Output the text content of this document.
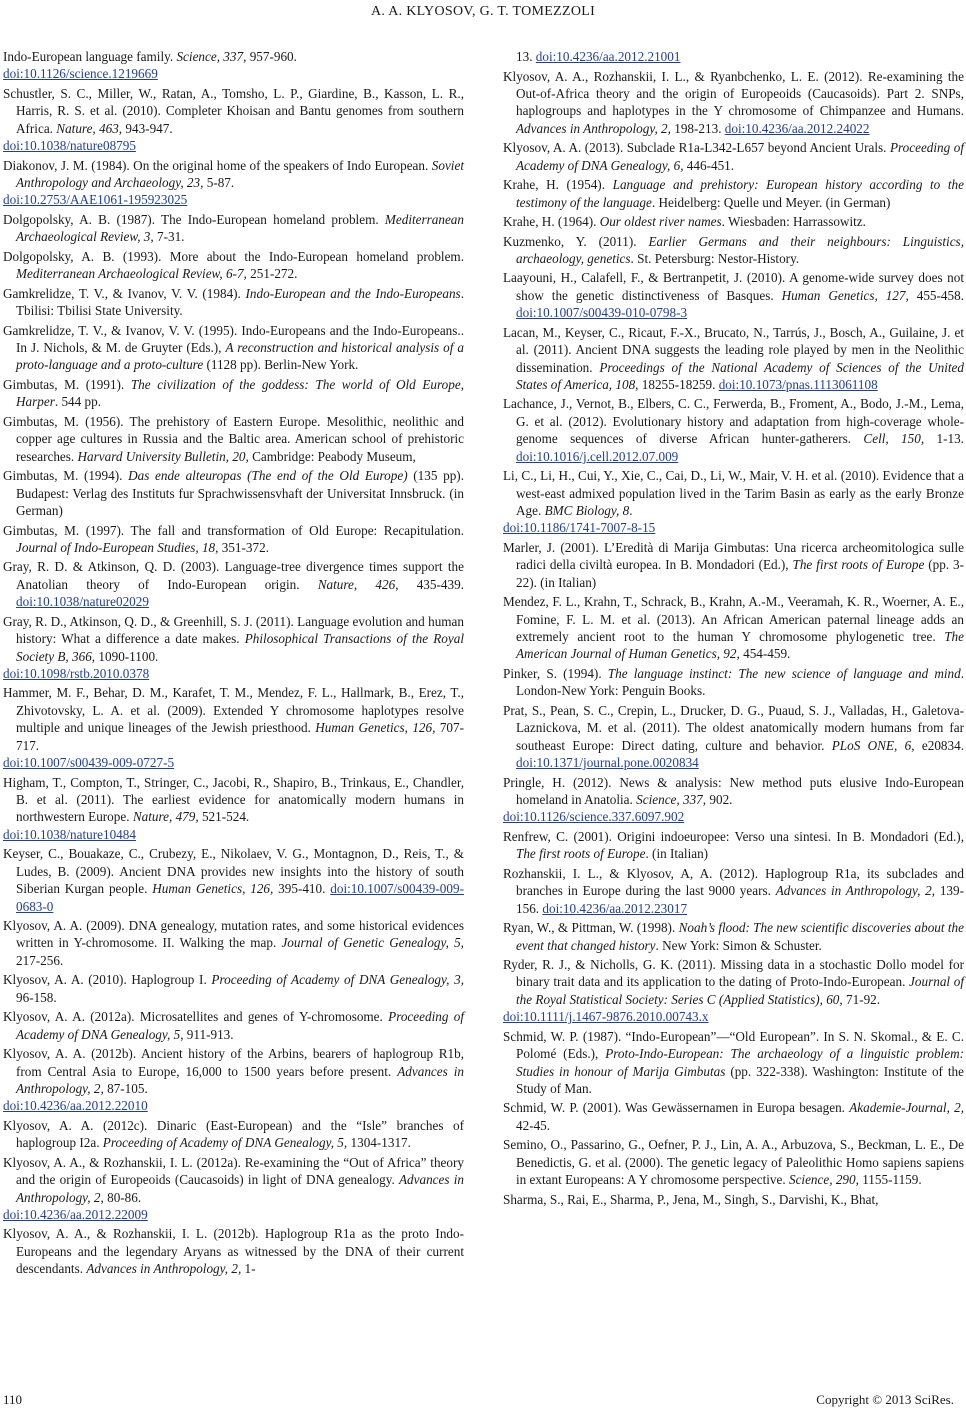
A. A. KLYOSOV, G. T. TOMEZZOLI
Indo-European language family. Science, 337, 957-960.
doi:10.1126/science.1219669
Schustler, S. C., Miller, W., Ratan, A., Tomsho, L. P., Giardine, B., Kasson, L. R., Harris, R. S. et al. (2010). Completer Khoisan and Bantu genomes from southern Africa. Nature, 463, 943-947.
doi:10.1038/nature08795
Diakonov, J. M. (1984). On the original home of the speakers of Indo European. Soviet Anthropology and Archaeology, 23, 5-87.
doi:10.2753/AAE1061-195923025
Dolgopolsky, A. B. (1987). The Indo-European homeland problem. Mediterranean Archaeological Review, 3, 7-31.
Dolgopolsky, A. B. (1993). More about the Indo-European homeland problem. Mediterranean Archaeological Review, 6-7, 251-272.
Gamkrelidze, T. V., & Ivanov, V. V. (1984). Indo-European and the Indo-Europeans. Tbilisi: Tbilisi State University.
Gamkrelidze, T. V., & Ivanov, V. V. (1995). Indo-Europeans and the Indo-Europeans.. In J. Nichols, & M. de Gruyter (Eds.), A reconstruction and historical analysis of a proto-language and a proto-culture (1128 pp). Berlin-New York.
Gimbutas, M. (1991). The civilization of the goddess: The world of Old Europe, Harper. 544 pp.
Gimbutas, M. (1956). The prehistory of Eastern Europe. Mesolithic, neolithic and copper age cultures in Russia and the Baltic area. American school of prehistoric researches. Harvard University Bulletin, 20, Cambridge: Peabody Museum,
Gimbutas, M. (1994). Das ende alteuropas (The end of the Old Europe) (135 pp). Budapest: Verlag des Instituts fur Sprachwissensvhaft der Universitat Innsbruck. (in German)
Gimbutas, M. (1997). The fall and transformation of Old Europe: Recapitulation. Journal of Indo-European Studies, 18, 351-372.
Gray, R. D. & Atkinson, Q. D. (2003). Language-tree divergence times support the Anatolian theory of Indo-European origin. Nature, 426, 435-439. doi:10.1038/nature02029
Gray, R. D., Atkinson, Q. D., & Greenhill, S. J. (2011). Language evolution and human history: What a difference a date makes. Philosophical Transactions of the Royal Society B, 366, 1090-1100.
doi:10.1098/rstb.2010.0378
Hammer, M. F., Behar, D. M., Karafet, T. M., Mendez, F. L., Hallmark, B., Erez, T., Zhivotovsky, L. A. et al. (2009). Extended Y chromosome haplotypes resolve multiple and unique lineages of the Jewish priesthood. Human Genetics, 126, 707-717.
doi:10.1007/s00439-009-0727-5
Higham, T., Compton, T., Stringer, C., Jacobi, R., Shapiro, B., Trinkaus, E., Chandler, B. et al. (2011). The earliest evidence for anatomically modern humans in northwestern Europe. Nature, 479, 521-524.
doi:10.1038/nature10484
Keyser, C., Bouakaze, C., Crubezy, E., Nikolaev, V. G., Montagnon, D., Reis, T., & Ludes, B. (2009). Ancient DNA provides new insights into the history of south Siberian Kurgan people. Human Genetics, 126, 395-410. doi:10.1007/s00439-009-0683-0
Klyosov, A. A. (2009). DNA genealogy, mutation rates, and some historical evidences written in Y-chromosome. II. Walking the map. Journal of Genetic Genealogy, 5, 217-256.
Klyosov, A. A. (2010). Haplogroup I. Proceeding of Academy of DNA Genealogy, 3, 96-158.
Klyosov, A. A. (2012a). Microsatellites and genes of Y-chromosome. Proceeding of Academy of DNA Genealogy, 5, 911-913.
Klyosov, A. A. (2012b). Ancient history of the Arbins, bearers of haplogroup R1b, from Central Asia to Europe, 16,000 to 1500 years before present. Advances in Anthropology, 2, 87-105.
doi:10.4236/aa.2012.22010
Klyosov, A. A. (2012c). Dinaric (East-European) and the “Isle” branches of haplogroup I2a. Proceeding of Academy of DNA Genealogy, 5, 1304-1317.
Klyosov, A. A., & Rozhanskii, I. L. (2012a). Re-examining the “Out of Africa” theory and the origin of Europeoids (Caucasoids) in light of DNA genealogy. Advances in Anthropology, 2, 80-86.
doi:10.4236/aa.2012.22009
Klyosov, A. A., & Rozhanskii, I. L. (2012b). Haplogroup R1a as the proto Indo-Europeans and the legendary Aryans as witnessed by the DNA of their current descendants. Advances in Anthropology, 2, 1-
13. doi:10.4236/aa.2012.21001
Klyosov, A. A., Rozhanskii, I. L., & Ryanbchenko, L. E. (2012). Re-examining the Out-of-Africa theory and the origin of Europeoids (Caucasoids). Part 2. SNPs, haplogroups and haplotypes in the Y chromosome of Chimpanzee and Humans. Advances in Anthropology, 2, 198-213. doi:10.4236/aa.2012.24022
Klyosov, A. A. (2013). Subclade R1a-L342-L657 beyond Ancient Urals. Proceeding of Academy of DNA Genealogy, 6, 446-451.
Krahe, H. (1954). Language and prehistory: European history according to the testimony of the language. Heidelberg: Quelle und Meyer. (in German)
Krahe, H. (1964). Our oldest river names. Wiesbaden: Harrassowitz.
Kuzmenko, Y. (2011). Earlier Germans and their neighbours: Linguistics, archaeology, genetics. St. Petersburg: Nestor-History.
Laayouni, H., Calafell, F., & Bertranpetit, J. (2010). A genome-wide survey does not show the genetic distinctiveness of Basques. Human Genetics, 127, 455-458. doi:10.1007/s00439-010-0798-3
Lacan, M., Keyser, C., Ricaut, F.-X., Brucato, N., Tarrús, J., Bosch, A., Guilaine, J. et al. (2011). Ancient DNA suggests the leading role played by men in the Neolithic dissemination. Proceedings of the National Academy of Sciences of the United States of America, 108, 18255-18259. doi:10.1073/pnas.1113061108
Lachance, J., Vernot, B., Elbers, C. C., Ferwerda, B., Froment, A., Bodo, J.-M., Lema, G. et al. (2012). Evolutionary history and adaptation from high-coverage whole-genome sequences of diverse African hunter-gatherers. Cell, 150, 1-13. doi:10.1016/j.cell.2012.07.009
Li, C., Li, H., Cui, Y., Xie, C., Cai, D., Li, W., Mair, V. H. et al. (2010). Evidence that a west-east admixed population lived in the Tarim Basin as early as the early Bronze Age. BMC Biology, 8.
doi:10.1186/1741-7007-8-15
Marler, J. (2001). L’Eredità di Marija Gimbutas: Una ricerca archeomitologica sulle radici della civiltà europea. In B. Mondadori (Ed.), The first roots of Europe (pp. 3-22). (in Italian)
Mendez, F. L., Krahn, T., Schrack, B., Krahn, A.-M., Veeramah, K. R., Woerner, A. E., Fomine, F. L. M. et al. (2013). An African American paternal lineage adds an extremely ancient root to the human Y chromosome phylogenetic tree. The American Journal of Human Genetics, 92, 454-459.
Pinker, S. (1994). The language instinct: The new science of language and mind. London-New York: Penguin Books.
Prat, S., Pean, S. C., Crepin, L., Drucker, D. G., Puaud, S. J., Valladas, H., Galetova-Laznickova, M. et al. (2011). The oldest anatomically modern humans from far southeast Europe: Direct dating, culture and behavior. PLoS ONE, 6, e20834. doi:10.1371/journal.pone.0020834
Pringle, H. (2012). News & analysis: New method puts elusive Indo-European homeland in Anatolia. Science, 337, 902.
doi:10.1126/science.337.6097.902
Renfrew, C. (2001). Origini indoeuropee: Verso una sintesi. In B. Mondadori (Ed.), The first roots of Europe. (in Italian)
Rozhanskii, I. L., & Klyosov, A, A. (2012). Haplogroup R1a, its subclades and branches in Europe during the last 9000 years. Advances in Anthropology, 2, 139-156. doi:10.4236/aa.2012.23017
Ryan, W., & Pittman, W. (1998). Noah’s flood: The new scientific discoveries about the event that changed history. New York: Simon & Schuster.
Ryder, R. J., & Nicholls, G. K. (2011). Missing data in a stochastic Dollo model for binary trait data and its application to the dating of Proto-Indo-European. Journal of the Royal Statistical Society: Series C (Applied Statistics), 60, 71-92.
doi:10.1111/j.1467-9876.2010.00743.x
Schmid, W. P. (1987). “Indo-European”—“Old European”. In S. N. Skomal., & E. C. Polomé (Eds.), Proto-Indo-European: The archaeology of a linguistic problem: Studies in honour of Marija Gimbutas (pp. 322-338). Washington: Institute of the Study of Man.
Schmid, W. P. (2001). Was Gewässernamen in Europa besagen. Akademie-Journal, 2, 42-45.
Semino, O., Passarino, G., Oefner, P. J., Lin, A. A., Arbuzova, S., Beckman, L. E., De Benedictis, G. et al. (2000). The genetic legacy of Paleolithic Homo sapiens sapiens in extant Europeans: A Y chromosome perspective. Science, 290, 1155-1159.
Sharma, S., Rai, E., Sharma, P., Jena, M., Singh, S., Darvishi, K., Bhat,
110	Copyright © 2013 SciRes.
